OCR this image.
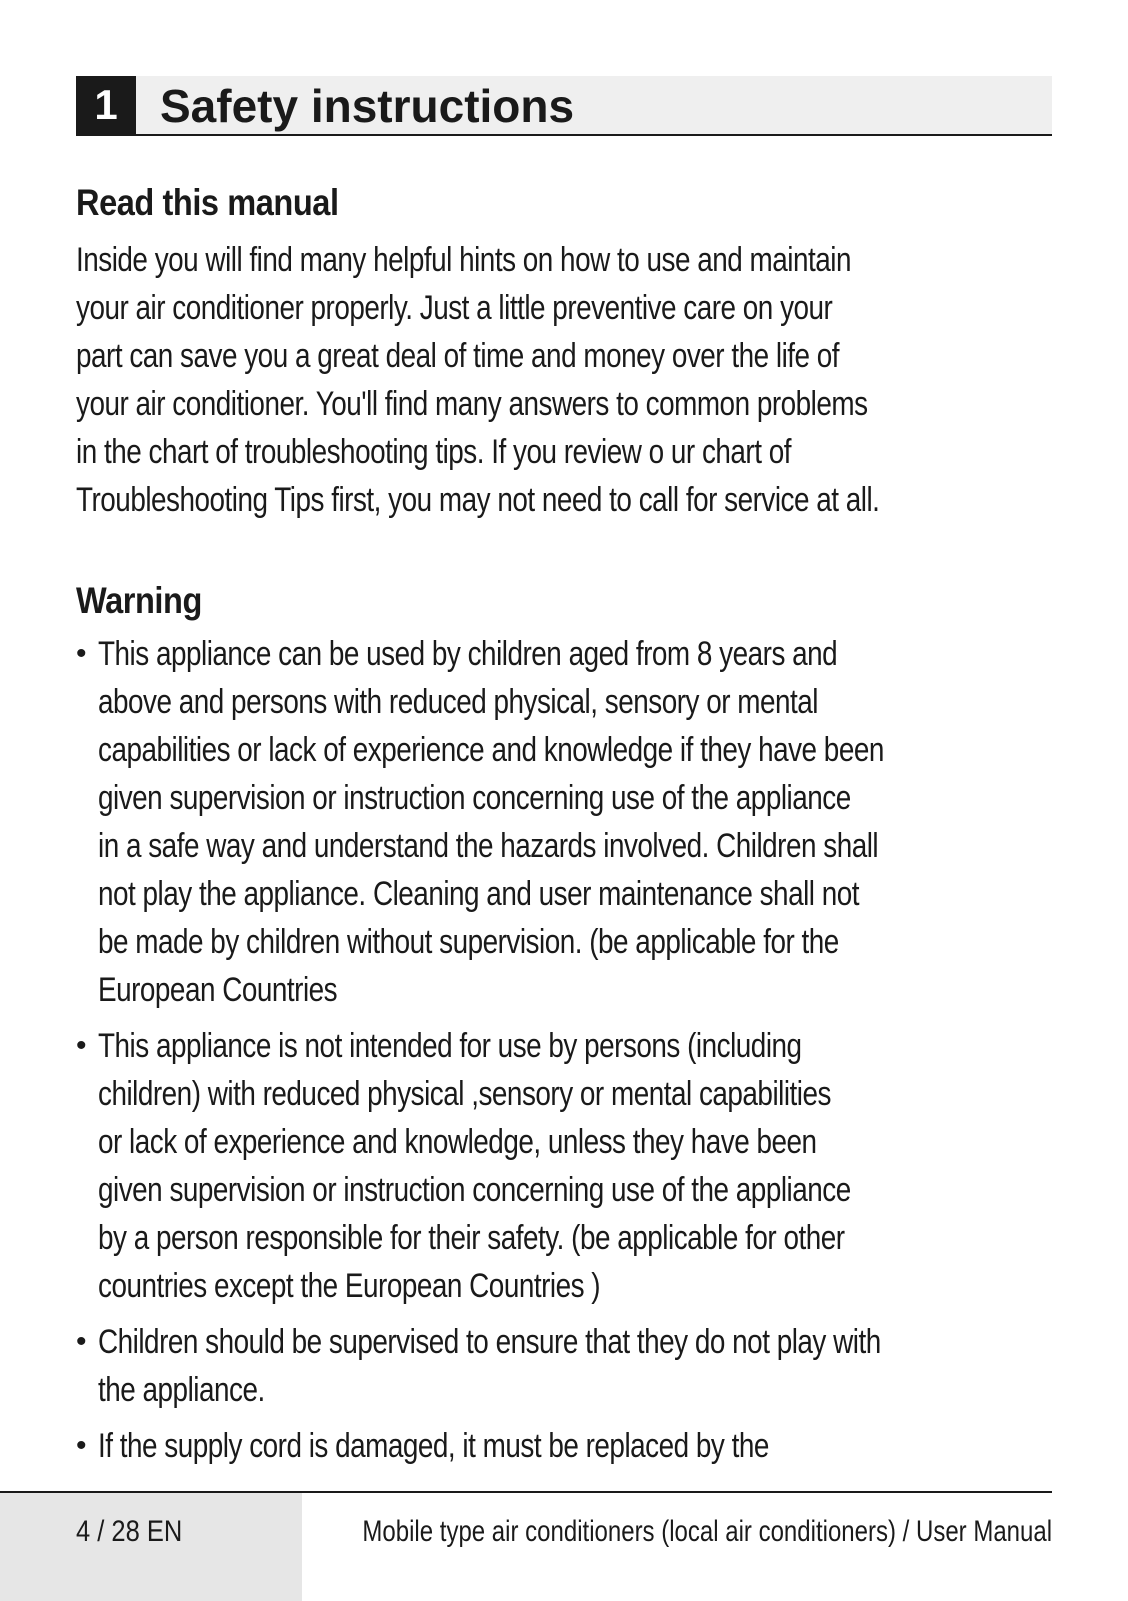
1 Safety instructions
Read this manual
Inside you will find many helpful hints on how to use and maintain
your air conditioner properly. Just a little preventive care on your
part can save you a great deal of time and money over the life of
your air conditioner. You'll find many answers to common problems
in the chart of troubleshooting tips. If you review o ur chart of
Troubleshooting Tips first, you may not need to call for service at all.
Warning
• This appliance can be used by children aged from 8 years and
above and persons with reduced physical, sensory or mental
capabilities or lack of experience and knowledge if they have been
given supervision or instruction concerning use of the appliance
in a safe way and understand the hazards involved. Children shall
not play the appliance. Cleaning and user maintenance shall not
be made by children without supervision. (be applicable for the
European Countries
• This appliance is not intended for use by persons (including
children) with reduced physical ,sensory or mental capabilities
or lack of experience and knowledge, unless they have been
given supervision or instruction concerning use of the appliance
by a person responsible for their safety. (be applicable for other
countries except the European Countries )
• Children should be supervised to ensure that they do not play with
the appliance.
• If the supply cord is damaged, it must be replaced by the
4 / 28 EN	Mobile type air conditioners (local air conditioners) / User Manual
